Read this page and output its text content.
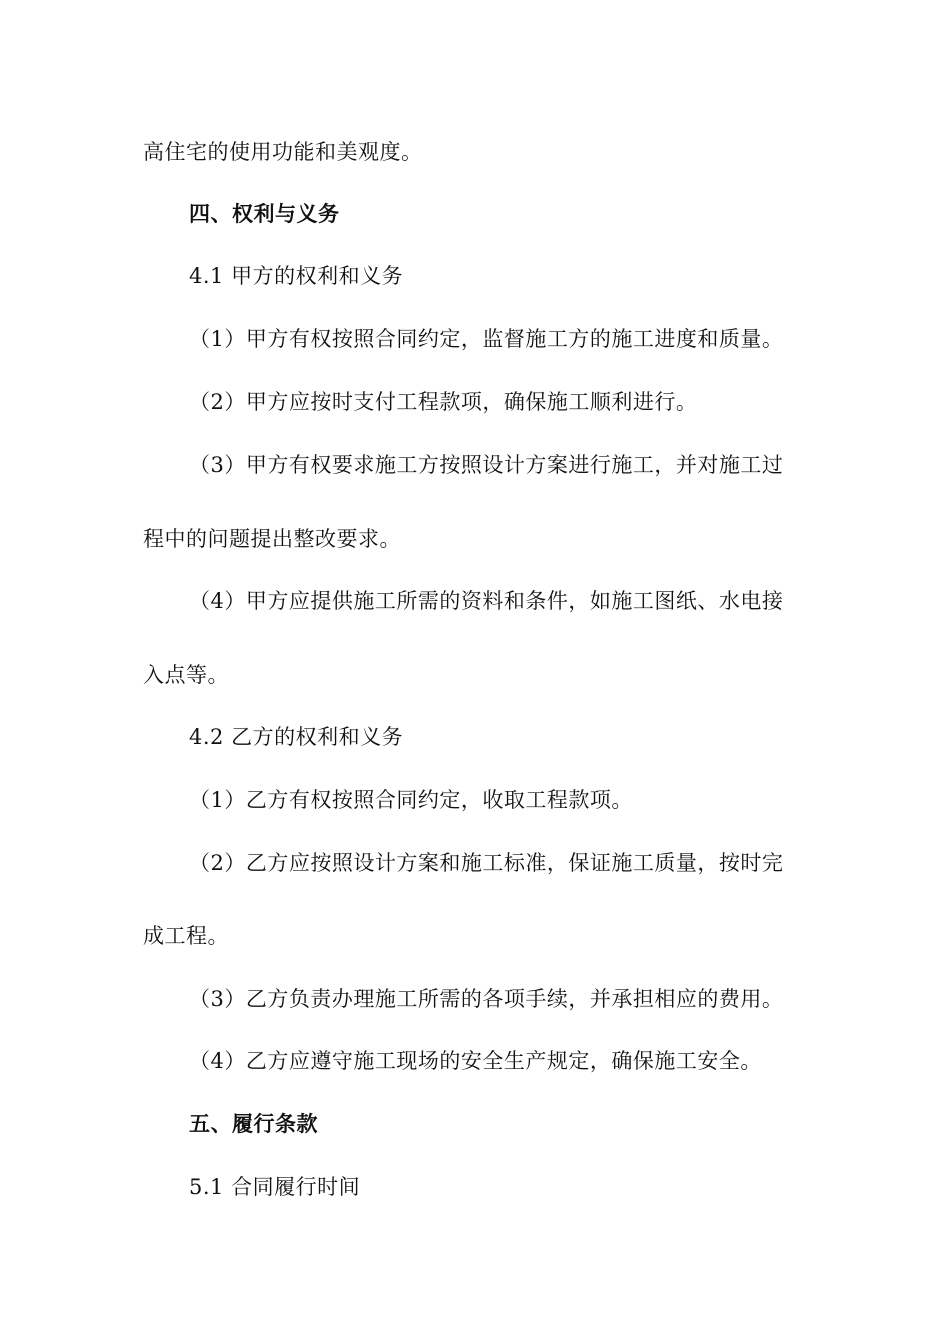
高住宅的使用功能和美观度。
四、权利与义务
4.1 甲方的权利和义务
（1）甲方有权按照合同约定，监督施工方的施工进度和质量。
（2）甲方应按时支付工程款项，确保施工顺利进行。
（3）甲方有权要求施工方按照设计方案进行施工，并对施工过
程中的问题提出整改要求。
（4）甲方应提供施工所需的资料和条件，如施工图纸、水电接
入点等。
4.2 乙方的权利和义务
（1）乙方有权按照合同约定，收取工程款项。
（2）乙方应按照设计方案和施工标准，保证施工质量，按时完
成工程。
（3）乙方负责办理施工所需的各项手续，并承担相应的费用。
（4）乙方应遵守施工现场的安全生产规定，确保施工安全。
五、履行条款
5.1 合同履行时间
